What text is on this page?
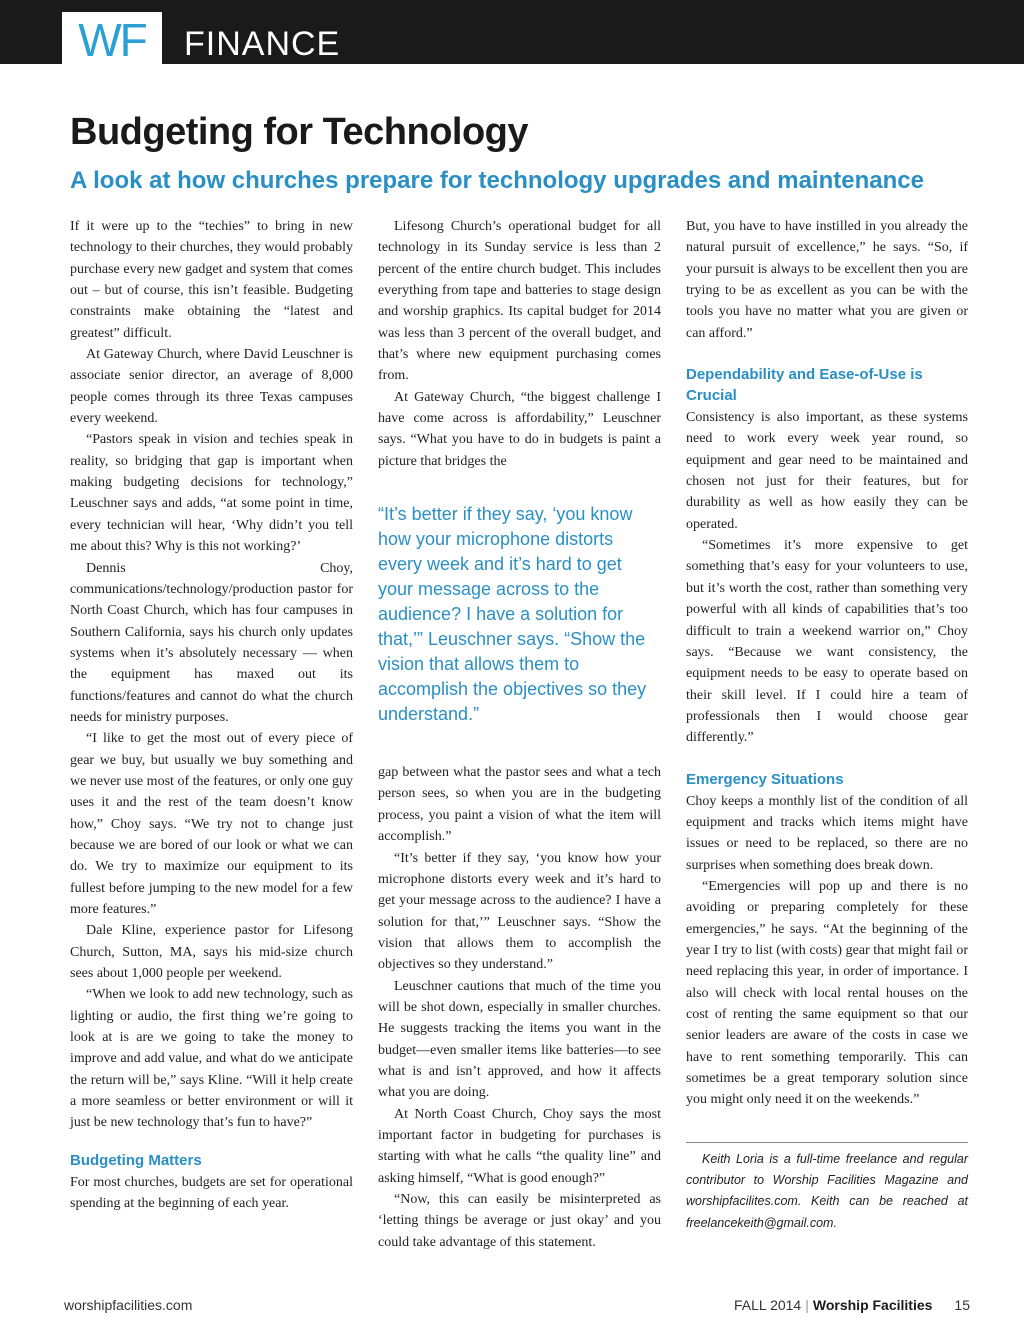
WF	FINANCE
Budgeting for Technology
A look at how churches prepare for technology upgrades and maintenance

If it were up to the “techies” to bring in new technology to their churches, they would probably purchase every new gadget and system that comes out – but of course, this isn’t feasible. Budgeting constraints make obtaining the “latest and greatest” difficult.

At Gateway Church, where David Leuschner is associate senior director, an average of 8,000 people comes through its three Texas campuses every weekend.

“Pastors speak in vision and techies speak in reality, so bridging that gap is important when making budgeting decisions for technology,” Leuschner says and adds, “at some point in time, every technician will hear, ‘Why didn’t you tell me about this? Why is this not working?’

Dennis Choy, communications/technology/production pastor for North Coast Church, which has four campuses in Southern California, says his church only updates systems when it’s absolutely necessary — when the equipment has maxed out its functions/features and cannot do what the church needs for ministry purposes.

“I like to get the most out of every piece of gear we buy, but usually we buy something and we never use most of the features, or only one guy uses it and the rest of the team doesn’t know how,” Choy says. “We try not to change just because we are bored of our look or what we can do. We try to maximize our equipment to its fullest before jumping to the new model for a few more features.”

Dale Kline, experience pastor for Lifesong Church, Sutton, MA, says his mid-size church sees about 1,000 people per weekend.

“When we look to add new technology, such as lighting or audio, the first thing we’re going to look at is are we going to take the money to improve and add value, and what do we anticipate the return will be,” says Kline. “Will it help create a more seamless or better environment or will it just be new technology that’s fun to have?”

Budgeting Matters

For most churches, budgets are set for operational spending at the beginning of each year.

Lifesong Church’s operational budget for all technology in its Sunday service is less than 2 percent of the entire church budget. This includes everything from tape and batteries to stage design and worship graphics. Its capital budget for 2014 was less than 3 percent of the overall budget, and that’s where new equipment purchasing comes from.

At Gateway Church, “the biggest challenge I have come across is affordability,” Leuschner says. “What you have to do in budgets is paint a picture that bridges the

“It’s better if they say, ‘you know how your microphone distorts every week and it’s hard to get your message across to the audience? I have a solution for that,’” Leuschner says. “Show the vision that allows them to accomplish the objectives so they understand.”

gap between what the pastor sees and what a tech person sees, so when you are in the budgeting process, you paint a vision of what the item will accomplish.”

“It’s better if they say, ‘you know how your microphone distorts every week and it’s hard to get your message across to the audience? I have a solution for that,’” Leuschner says. “Show the vision that allows them to accomplish the objectives so they understand.”

Leuschner cautions that much of the time you will be shot down, especially in smaller churches. He suggests tracking the items you want in the budget—even smaller items like batteries—to see what is and isn’t approved, and how it affects what you are doing.

At North Coast Church, Choy says the most important factor in budgeting for purchases is starting with what he calls “the quality line” and asking himself, “What is good enough?”

“Now, this can easily be misinterpreted as ‘letting things be average or just okay’ and you could take advantage of this statement.

But, you have to have instilled in you already the natural pursuit of excellence,” he says. “So, if your pursuit is always to be excellent then you are trying to be as excellent as you can be with the tools you have no matter what you are given or can afford.”

Dependability and Ease-of-Use is Crucial

Consistency is also important, as these systems need to work every week year round, so equipment and gear need to be maintained and chosen not just for their features, but for durability as well as how easily they can be operated.

“Sometimes it’s more expensive to get something that’s easy for your volunteers to use, but it’s worth the cost, rather than something very powerful with all kinds of capabilities that’s too difficult to train a weekend warrior on,” Choy says. “Because we want consistency, the equipment needs to be easy to operate based on their skill level. If I could hire a team of professionals then I would choose gear differently.”

Emergency Situations

Choy keeps a monthly list of the condition of all equipment and tracks which items might have issues or need to be replaced, so there are no surprises when something does break down.

“Emergencies will pop up and there is no avoiding or preparing completely for these emergencies,” he says. “At the beginning of the year I try to list (with costs) gear that might fail or need replacing this year, in order of importance. I also will check with local rental houses on the cost of renting the same equipment so that our senior leaders are aware of the costs in case we have to rent something temporarily. This can sometimes be a great temporary solution since you might only need it on the weekends.”

Keith Loria is a full-time freelance and regular contributor to Worship Facilities Magazine and worshipfacilites.com. Keith can be reached at freelancekeith@gmail.com.

worshipfacilities.com	FALL 2014 | Worship Facilities 15
